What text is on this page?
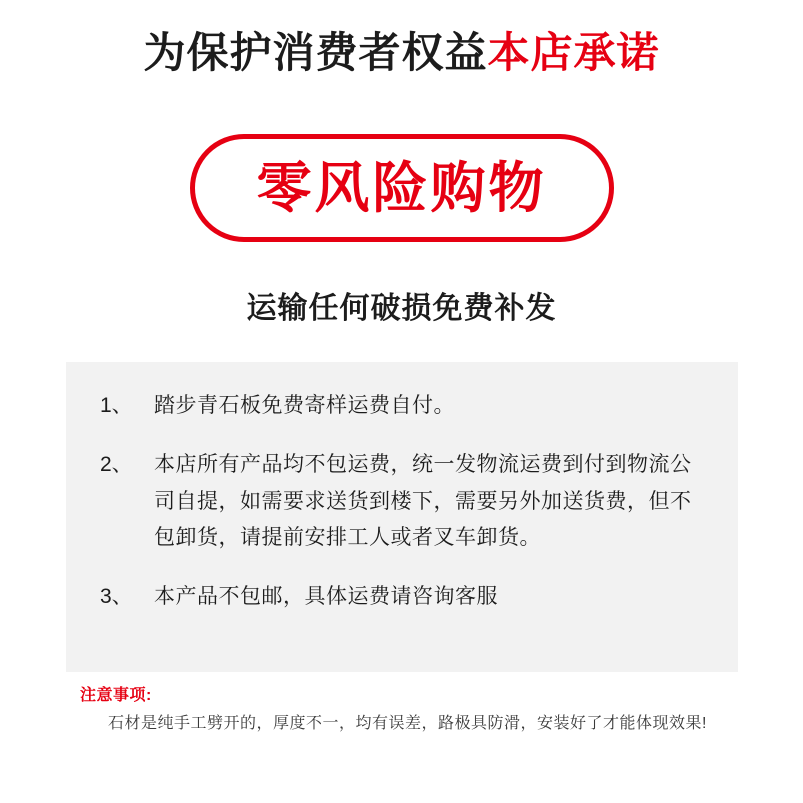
为保护消费者权益本店承诺
零风险购物
运输任何破损免费补发
1、	踏步青石板免费寄样运费自付。
2、	本店所有产品均不包运费，统一发物流运费到付到物流公司自提，如需要求送货到楼下，需要另外加送货费，但不包卸货，请提前安排工人或者叉车卸货。
3、	本产品不包邮，具体运费请咨询客服
注意事项:
石材是纯手工劈开的，厚度不一，均有误差，路极具防滑，安装好了才能体现效果!
